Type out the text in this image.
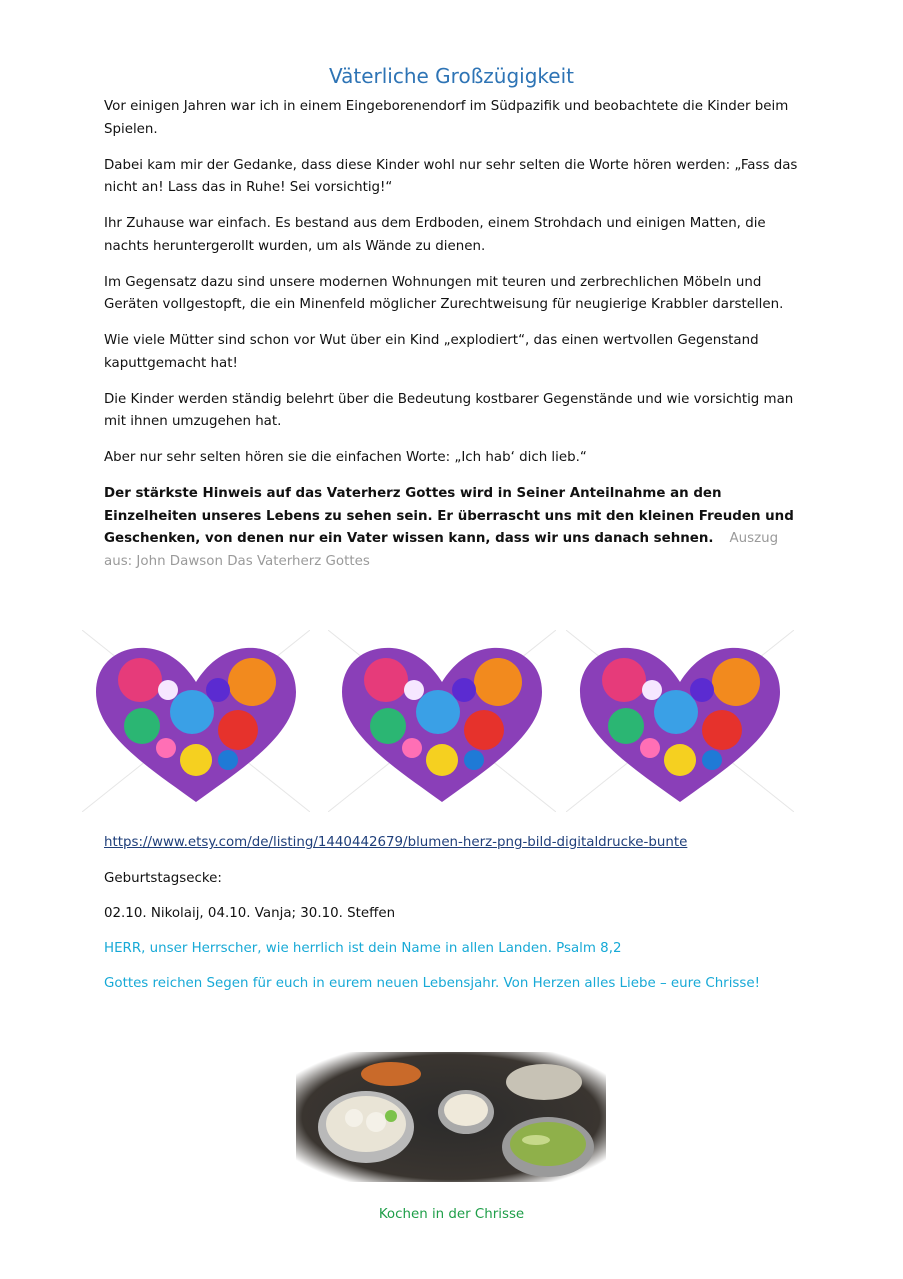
Väterliche Großzügigkeit

Vor einigen Jahren war ich in einem Eingeborenendorf im Südpazifik und beobachtete die Kinder beim Spielen.

Dabei kam mir der Gedanke, dass diese Kinder wohl nur sehr selten die Worte hören werden: „Fass das nicht an! Lass das in Ruhe! Sei vorsichtig!“

Ihr Zuhause war einfach. Es bestand aus dem Erdboden, einem Strohdach und einigen Matten, die nachts heruntergerollt wurden, um als Wände zu dienen.

Im Gegensatz dazu sind unsere modernen Wohnungen mit teuren und zerbrechlichen Möbeln und Geräten vollgestopft, die ein Minenfeld möglicher Zurechtweisung für neugierige Krabbler darstellen.

Wie viele Mütter sind schon vor Wut über ein Kind „explodiert“, das einen wertvollen Gegenstand kaputtgemacht hat!

Die Kinder werden ständig belehrt über die Bedeutung kostbarer Gegenstände und wie vorsichtig man mit ihnen umzugehen hat.

Aber nur sehr selten hören sie die einfachen Worte: „Ich hab‘ dich lieb.“

Der stärkste Hinweis auf das Vaterherz Gottes wird in Seiner Anteilnahme an den Einzelheiten unseres Lebens zu sehen sein. Er überrascht uns mit den kleinen Freuden und Geschenken, von denen nur ein Vater wissen kann, dass wir uns danach sehnen. Auszug aus: John Dawson Das Vaterherz Gottes

https://www.etsy.com/de/listing/1440442679/blumen-herz-png-bild-digitaldrucke-bunte
Geburtstagsecke:
02.10. Nikolaij, 04.10. Vanja; 30.10. Steffen
HERR, unser Herrscher, wie herrlich ist dein Name in allen Landen. Psalm 8,2
Gottes reichen Segen für euch in eurem neuen Lebensjahr. Von Herzen alles Liebe – eure Chrisse!
Kochen in der Chrisse
